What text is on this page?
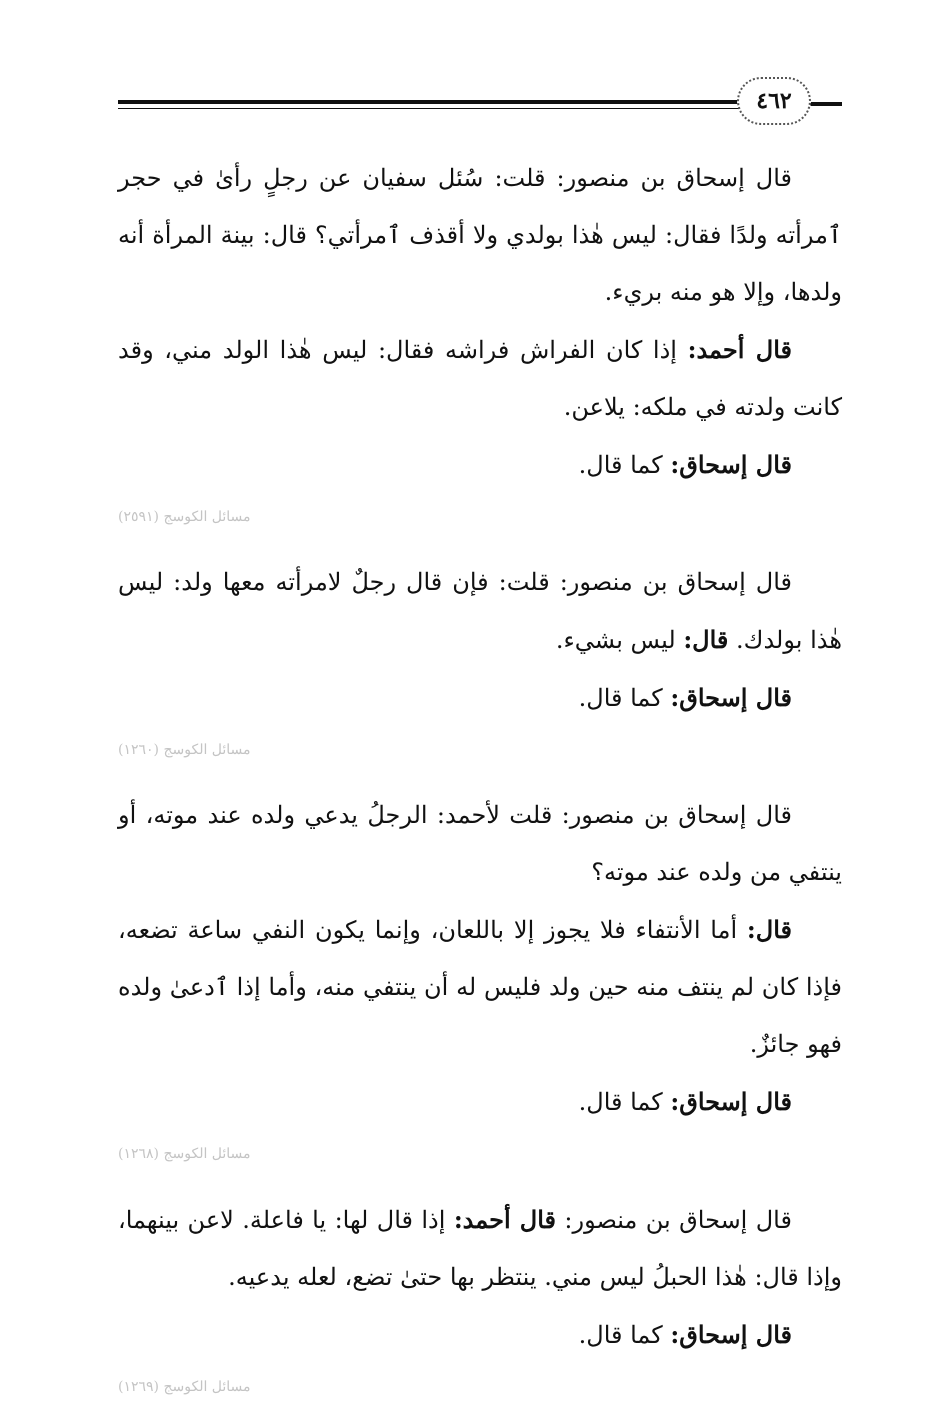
٤٦٢

قال إسحاق بن منصور: قلت: سُئل سفيان عن رجلٍ رأىٰ في حجر ٱمرأته ولدًا فقال: ليس هٰذا بولدي ولا أقذف ٱمرأتي؟ قال: بينة المرأة أنه ولدها، وإلا هو منه بريء.

قال أحمد: إذا كان الفراش فراشه فقال: ليس هٰذا الولد مني، وقد كانت ولدته في ملكه: يلاعن.

قال إسحاق: كما قال.

مسائل الكوسج (٢٥٩١)

قال إسحاق بن منصور: قلت: فإن قال رجلٌ لامرأته معها ولد: ليس هٰذا بولدك. قال: ليس بشيء.

قال إسحاق: كما قال.

مسائل الكوسج (١٢٦٠)

قال إسحاق بن منصور: قلت لأحمد: الرجلُ يدعي ولده عند موته، أو ينتفي من ولده عند موته؟

قال: أما الأنتفاء فلا يجوز إلا باللعان، وإنما يكون النفي ساعة تضعه، فإذا كان لم ينتف منه حين ولد فليس له أن ينتفي منه، وأما إذا ٱدعىٰ ولده فهو جائزٌ.

قال إسحاق: كما قال.

مسائل الكوسج (١٢٦٨)

قال إسحاق بن منصور: قال أحمد: إذا قال لها: يا فاعلة. لاعن بينهما، وإذا قال: هٰذا الحبلُ ليس مني. ينتظر بها حتىٰ تضع، لعله يدعيه.

قال إسحاق: كما قال.

مسائل الكوسج (١٢٦٩)
